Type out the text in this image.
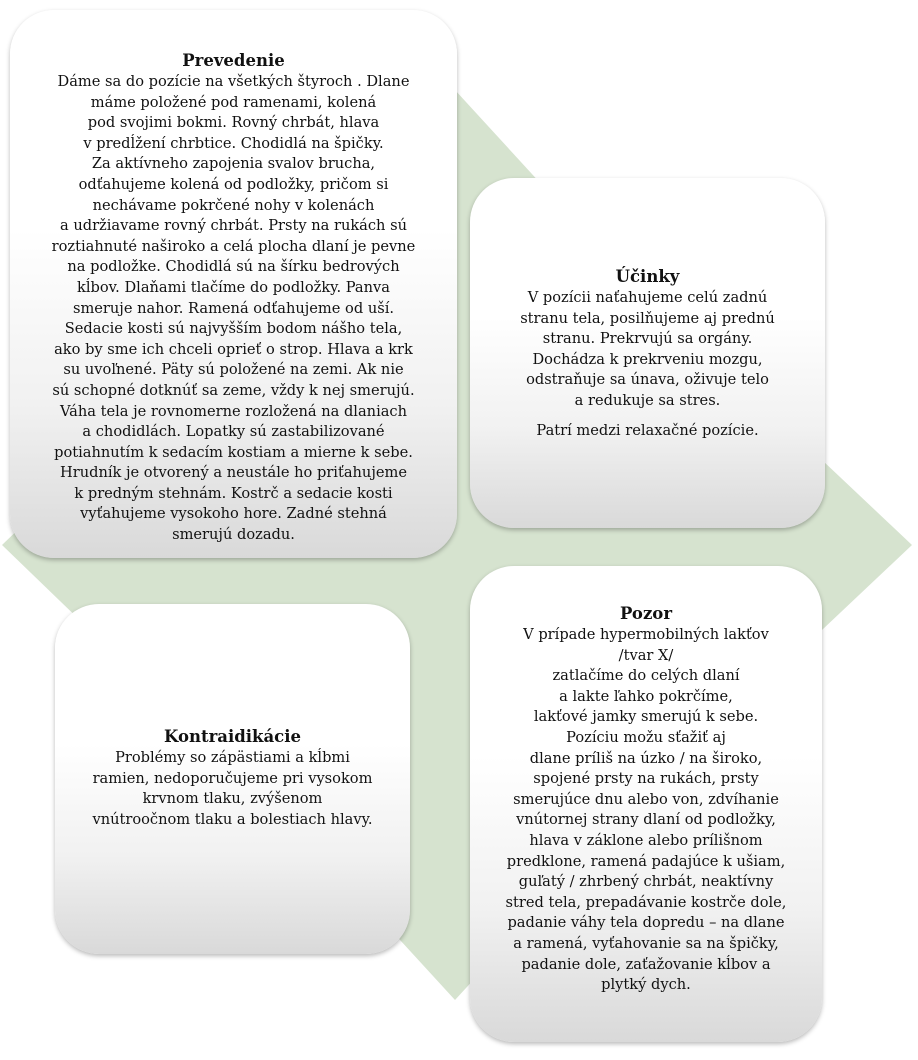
Prevedenie

Dáme sa do pozície na všetkých štyroch . Dlane
máme položené pod ramenami, kolená
pod svojimi bokmi. Rovný chrbát, hlava
v predĺžení chrbtice. Chodidlá na špičky.
Za aktívneho zapojenia svalov brucha,
odťahujeme kolená od podložky, pričom si
nechávame pokrčené nohy v kolenách
a udržiavame rovný chrbát. Prsty na rukách sú
roztiahnuté naširoko a celá plocha dlaní je pevne
na podložke. Chodidlá sú na šírku bedrových
kĺbov. Dlaňami tlačíme do podložky. Panva
smeruje nahor. Ramená odťahujeme od uší.
Sedacie kosti sú najvyšším bodom nášho tela,
ako by sme ich chceli oprieť o strop. Hlava a krk
su uvoľnené. Päty sú položené na zemi. Ak nie
sú schopné dotknúť sa zeme, vždy k nej smerujú.
Váha tela je rovnomerne rozložená na dlaniach
a chodidlách. Lopatky sú zastabilizované
potiahnutím k sedacím kostiam a mierne k sebe.
Hrudník je otvorený a neustále ho priťahujeme
k predným stehnám. Kostrč a sedacie kosti
vyťahujeme vysokoho hore. Zadné stehná
smerujú dozadu.

Účinky

V pozícii naťahujeme celú zadnú
stranu tela, posilňujeme aj prednú
stranu. Prekrvujú sa orgány.
Dochádza k prekrveniu mozgu,
odstraňuje sa únava, oživuje telo
a redukuje sa stres.

Patrí medzi relaxačné pozície.

Kontraidikácie

Problémy so zápästiami a kĺbmi
ramien, nedoporučujeme pri vysokom
krvnom tlaku, zvýšenom
vnútroočnom tlaku a bolestiach hlavy.

Pozor

V prípade hypermobilných lakťov
/tvar X/
zatlačíme do celých dlaní
a lakte ľahko pokrčíme,
lakťové jamky smerujú k sebe.
Pozíciu možu sťažiť aj
dlane príliš na úzko / na široko,
spojené prsty na rukách, prsty
smerujúce dnu alebo von, zdvíhanie
vnútornej strany dlaní od podložky,
hlava v záklone alebo prílišnom
predklone, ramená padajúce k ušiam,
guľatý / zhrbený chrbát, neaktívny
stred tela, prepadávanie kostrče dole,
padanie váhy tela dopredu – na dlane
a ramená, vyťahovanie sa na špičky,
padanie dole, zaťažovanie kĺbov a
plytký dych.
